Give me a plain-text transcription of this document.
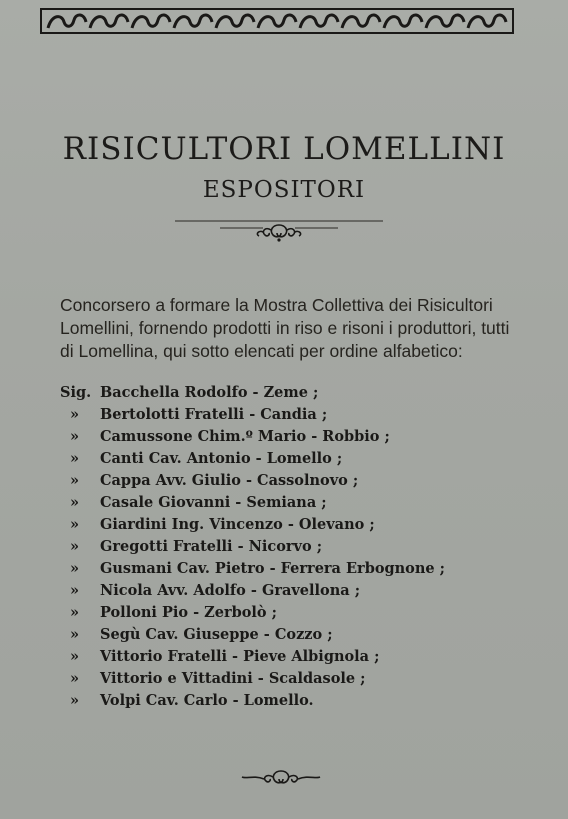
RISICULTORI LOMELLINI
ESPOSITORI
Concorsero a formare la Mostra Collettiva dei Risicultori
Lomellini, fornendo prodotti in riso e risoni i produttori, tutti
di Lomellina, qui sotto elencati per ordine alfabetico:
Sig. Bacchella Rodolfo - Zeme ;
» Bertolotti Fratelli - Candia ;
» Camussone Chim.º Mario - Robbio ;
» Canti Cav. Antonio - Lomello ;
» Cappa Avv. Giulio - Cassolnovo ;
» Casale Giovanni - Semiana ;
» Giardini Ing. Vincenzo - Olevano ;
» Gregotti Fratelli - Nicorvo ;
» Gusmani Cav. Pietro - Ferrera Erbognone ;
» Nicola Avv. Adolfo - Gravellona ;
» Polloni Pio - Zerbolò ;
» Segù Cav. Giuseppe - Cozzo ;
» Vittorio Fratelli - Pieve Albignola ;
» Vittorio e Vittadini - Scaldasole ;
» Volpi Cav. Carlo - Lomello.
